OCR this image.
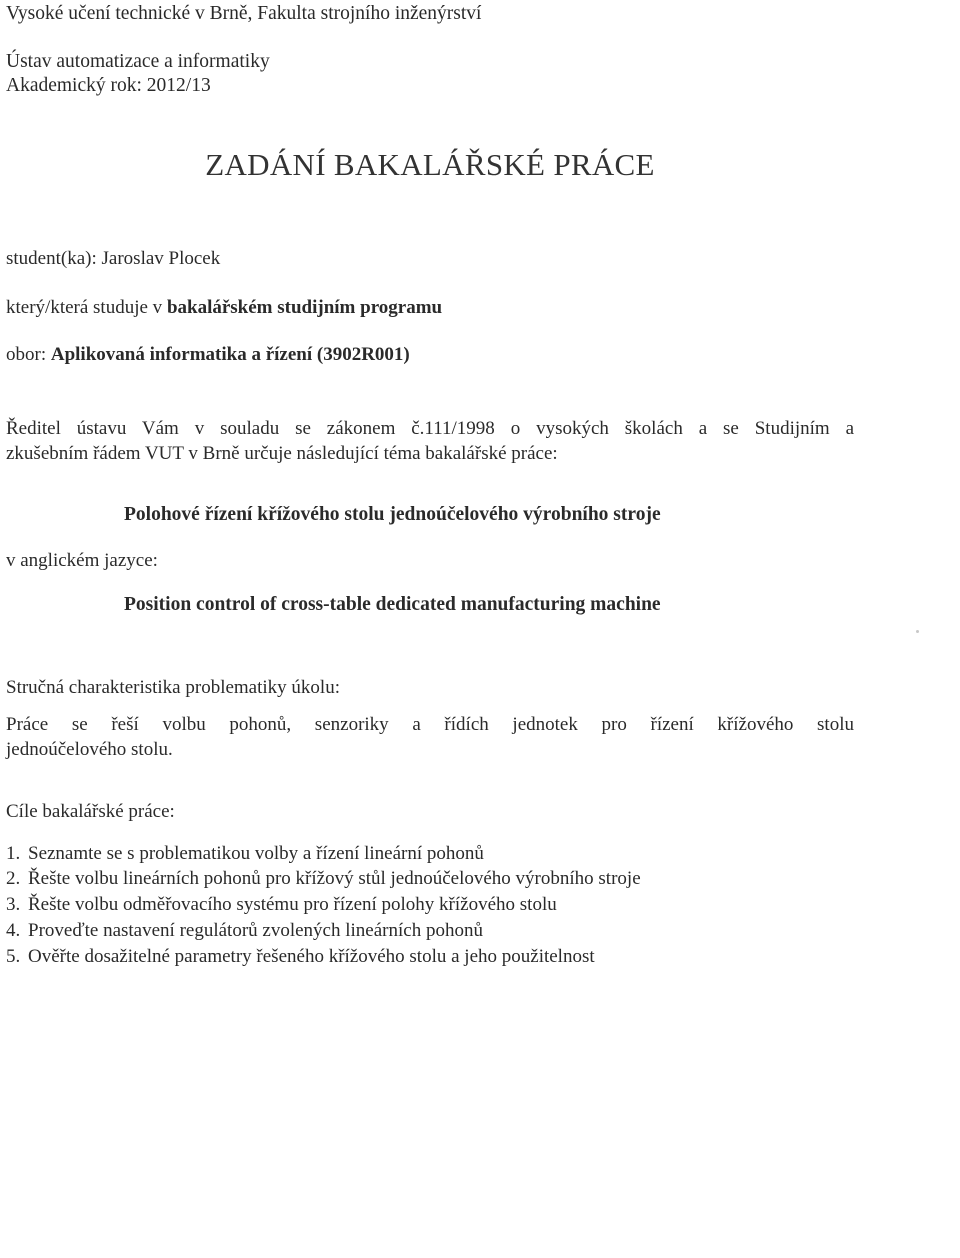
Vysoké učení technické v Brně, Fakulta strojního inženýrství
Ústav automatizace a informatiky
Akademický rok: 2012/13
ZADÁNÍ BAKALÁŘSKÉ PRÁCE
student(ka): Jaroslav Plocek
který/která studuje v bakalářském studijním programu
obor: Aplikovaná informatika a řízení (3902R001)
Ředitel ústavu Vám v souladu se zákonem č.111/1998 o vysokých školách a se Studijním a
zkušebním řádem VUT v Brně určuje následující téma bakalářské práce:
Polohové řízení křížového stolu jednoúčelového výrobního stroje
v anglickém jazyce:
Position control of cross-table dedicated manufacturing machine
Stručná charakteristika problematiky úkolu:
Práce se řeší volbu pohonů, senzoriky a řídích jednotek pro řízení křížového stolu
jednoúčelového stolu.
Cíle bakalářské práce:
1. Seznamte se s problematikou volby a řízení lineární pohonů
2. Řešte volbu lineárních pohonů pro křížový stůl jednoúčelového výrobního stroje
3. Řešte volbu odměřovacího systému pro řízení polohy křížového stolu
4. Proveďte nastavení regulátorů zvolených lineárních pohonů
5. Ověřte dosažitelné parametry řešeného křížového stolu a jeho použitelnost
